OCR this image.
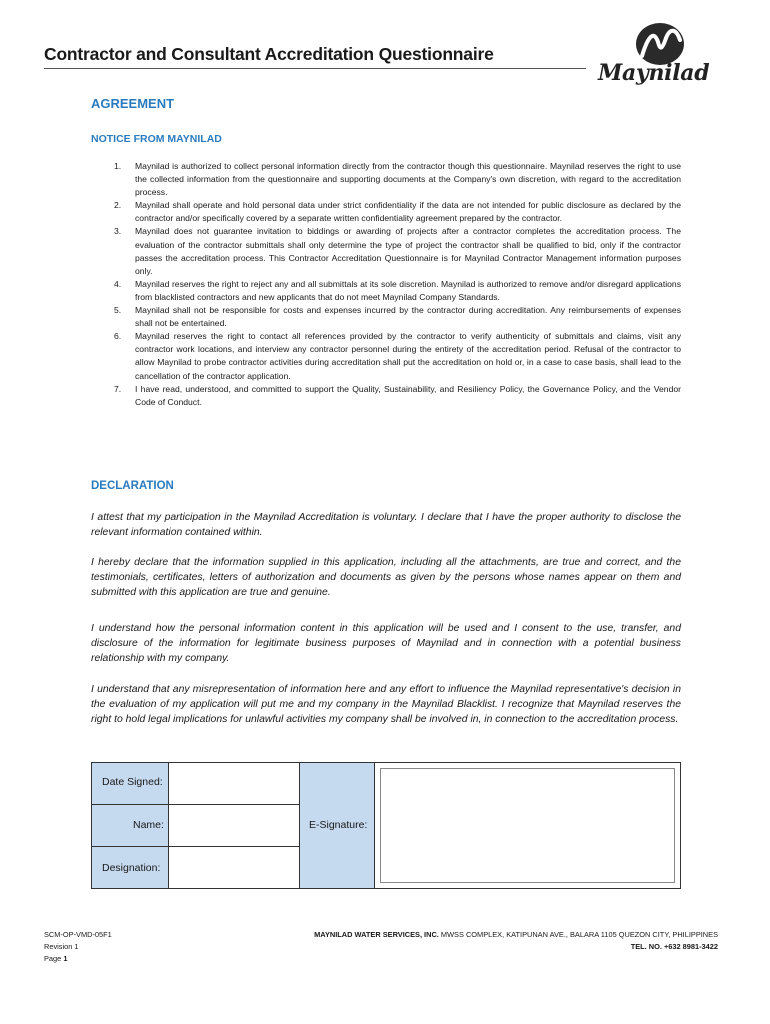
Contractor and Consultant Accreditation Questionnaire
Maynilad
AGREEMENT
NOTICE FROM MAYNILAD
1. Maynilad is authorized to collect personal information directly from the contractor though this questionnaire. Maynilad reserves the right to use the collected information from the questionnaire and supporting documents at the Company's own discretion, with regard to the accreditation process.
2. Maynilad shall operate and hold personal data under strict confidentiality if the data are not intended for public disclosure as declared by the contractor and/or specifically covered by a separate written confidentiality agreement prepared by the contractor.
3. Maynilad does not guarantee invitation to biddings or awarding of projects after a contractor completes the accreditation process. The evaluation of the contractor submittals shall only determine the type of project the contractor shall be qualified to bid, only if the contractor passes the accreditation process. This Contractor Accreditation Questionnaire is for Maynilad Contractor Management information purposes only.
4. Maynilad reserves the right to reject any and all submittals at its sole discretion. Maynilad is authorized to remove and/or disregard applications from blacklisted contractors and new applicants that do not meet Maynilad Company Standards.
5. Maynilad shall not be responsible for costs and expenses incurred by the contractor during accreditation. Any reimbursements of expenses shall not be entertained.
6. Maynilad reserves the right to contact all references provided by the contractor to verify authenticity of submittals and claims, visit any contractor work locations, and interview any contractor personnel during the entirety of the accreditation period. Refusal of the contractor to allow Maynilad to probe contractor activities during accreditation shall put the accreditation on hold or, in a case to case basis, shall lead to the cancellation of the contractor application.
7. I have read, understood, and committed to support the Quality, Sustainability, and Resiliency Policy, the Governance Policy, and the Vendor Code of Conduct.
DECLARATION

I attest that my participation in the Maynilad Accreditation is voluntary. I declare that I have the proper authority to disclose the relevant information contained within.

I hereby declare that the information supplied in this application, including all the attachments, are true and correct, and the testimonials, certificates, letters of authorization and documents as given by the persons whose names appear on them and submitted with this application are true and genuine.

I understand how the personal information content in this application will be used and I consent to the use, transfer, and disclosure of the information for legitimate business purposes of Maynilad and in connection with a potential business relationship with my company.

I understand that any misrepresentation of information here and any effort to influence the Maynilad representative's decision in the evaluation of my application will put me and my company in the Maynilad Blacklist. I recognize that Maynilad reserves the right to hold legal implications for unlawful activities my company shall be involved in, in connection to the accreditation process.

Date Signed:
Name:
Designation:
E-Signature:
SCM-OP-VMD-05F1
Revision 1
Page 1
MAYNILAD WATER SERVICES, INC. MWSS COMPLEX, KATIPUNAN AVE., BALARA 1105 QUEZON CITY, PHILIPPINES
TEL. NO. +632 8981-3422
